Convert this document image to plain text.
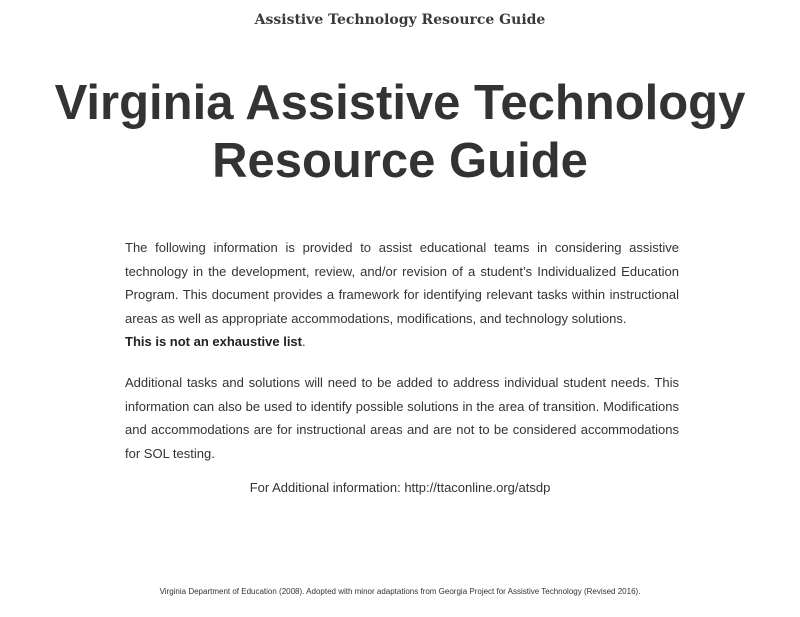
Assistive Technology Resource Guide
Virginia Assistive Technology
Resource Guide

The following information is provided to assist educational teams in considering assistive technology in the development, review, and/or revision of a student’s Individualized Education Program. This document provides a framework for identifying relevant tasks within instructional areas as well as appropriate accommodations, modifications, and technology solutions.
This is not an exhaustive list.

Additional tasks and solutions will need to be added to address individual student needs. This information can also be used to identify possible solutions in the area of transition. Modifications and accommodations are for instructional areas and are not to be considered accommodations for SOL testing.

For Additional information: http://ttaconline.org/atsdp
Virginia Department of Education (2008). Adopted with minor adaptations from Georgia Project for Assistive Technology (Revised 2016).
